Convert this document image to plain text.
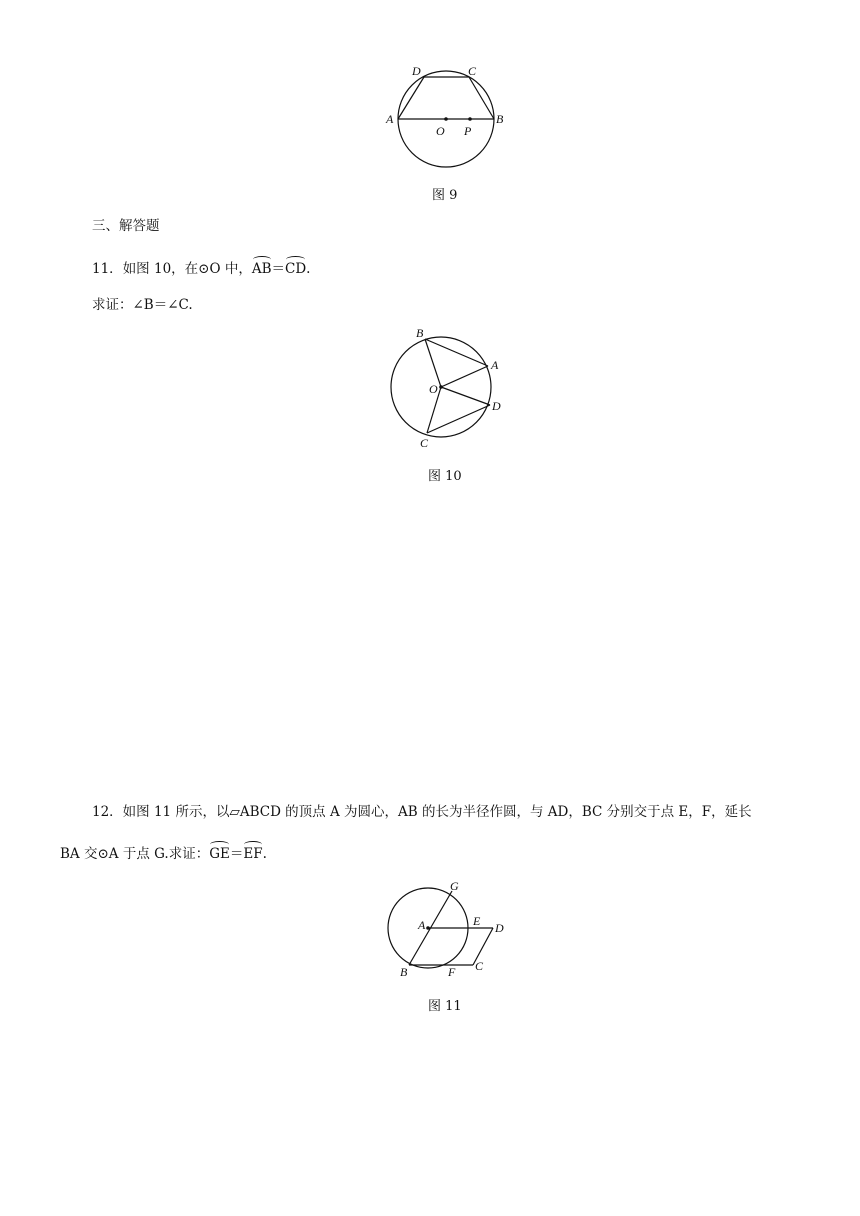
A	B
C
D
O P
图 9
三、解答题
11．如图 10，在⊙O 中，AB＝CD.
求证：∠B＝∠C.
B
A
O
D
C
图 10
12．如图 11 所示，以▱ABCD 的顶点 A 为圆心，AB 的长为半径作圆，与 AD，BC 分别交于点 E，F，延长
BA 交⊙A 于点 G.求证：GE＝EF.
G
A	E D
B	F C
图 11
